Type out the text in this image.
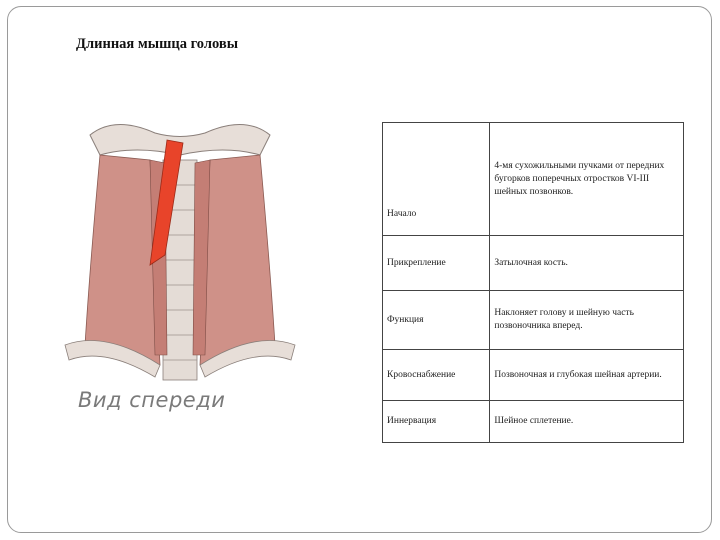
Длинная мышца головы
Вид спереди
Начало	4-мя сухожильными пучками от передних бугорков поперечных отростков VI-III шейных позвонков.
Прикрепление	Затылочная кость.
Функция	Наклоняет голову и шейную часть позвоночника вперед.
Кровоснабжение	Позвоночная и глубокая шейная артерии.
Иннервация	Шейное сплетение.
